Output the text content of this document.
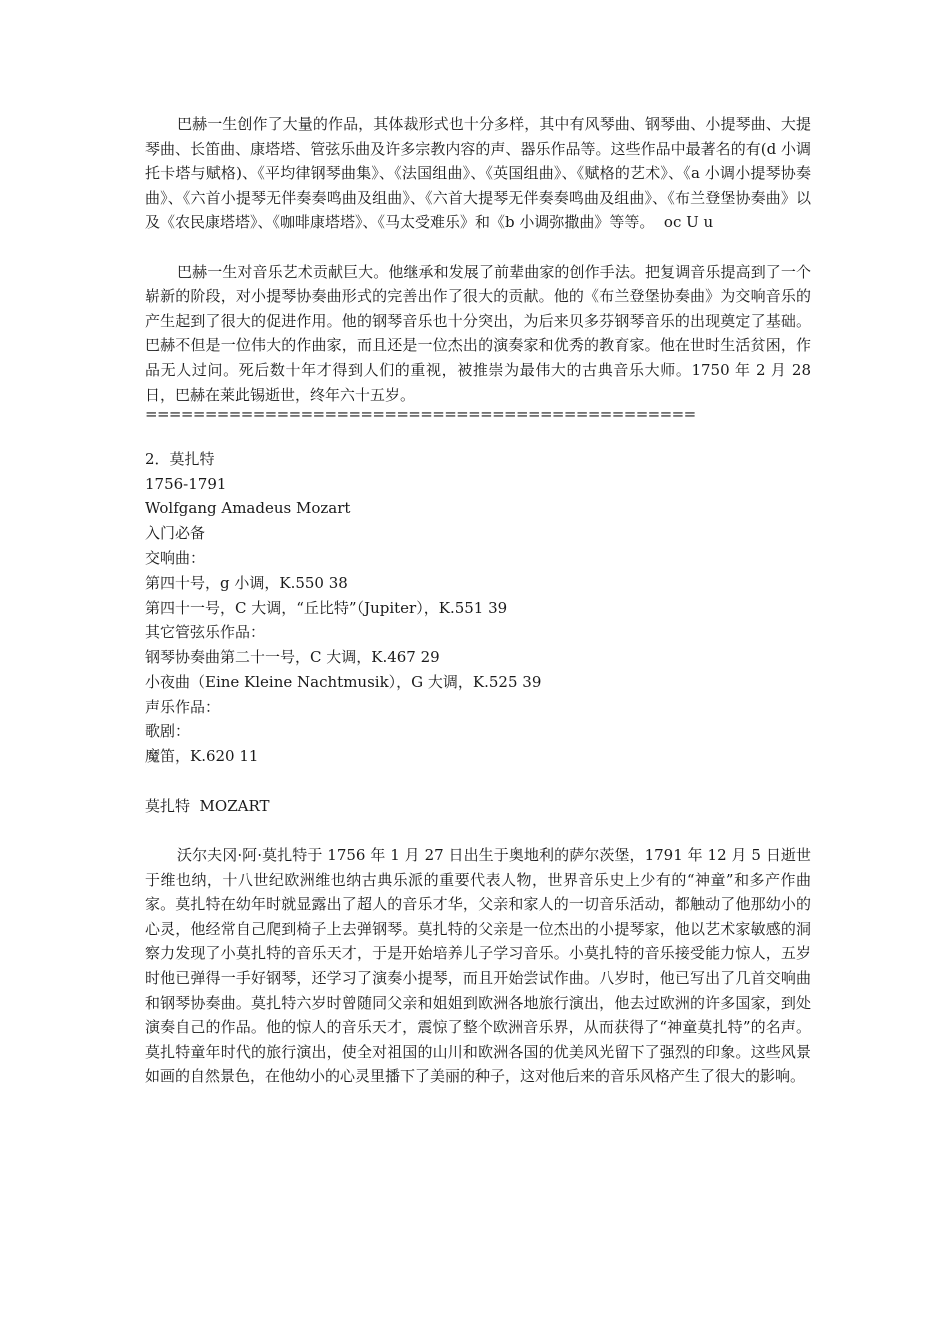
巴赫一生创作了大量的作品，其体裁形式也十分多样，其中有风琴曲、钢琴曲、小提琴曲、大提琴曲、长笛曲、康塔塔、管弦乐曲及许多宗教内容的声、器乐作品等。这些作品中最著名的有(d 小调托卡塔与赋格)、《平均律钢琴曲集》、《法国组曲》、《英国组曲》、《赋格的艺术》、《a 小调小提琴协奏曲》、《六首小提琴无伴奏奏鸣曲及组曲》、《六首大提琴无伴奏奏鸣曲及组曲》、《布兰登堡协奏曲》以及《农民康塔塔》、《咖啡康塔塔》、《马太受难乐》和《b 小调弥撒曲》等等。  oc U u

巴赫一生对音乐艺术贡献巨大。他继承和发展了前辈曲家的创作手法。把复调音乐提高到了一个崭新的阶段，对小提琴协奏曲形式的完善出作了很大的贡献。他的《布兰登堡协奏曲》为交响音乐的产生起到了很大的促进作用。他的钢琴音乐也十分突出，为后来贝多芬钢琴音乐的出现奠定了基础。巴赫不但是一位伟大的作曲家，而且还是一位杰出的演奏家和优秀的教育家。他在世时生活贫困，作品无人过问。死后数十年才得到人们的重视，被推崇为最伟大的古典音乐大师。1750 年 2 月 28 日，巴赫在莱此锡逝世，终年六十五岁。

==============================================

2．莫扎特

1756-1791

Wolfgang Amadeus Mozart

入门必备

交响曲：

第四十号，g 小调，K.550 38

第四十一号，C 大调，“丘比特”（Jupiter），K.551 39

其它管弦乐作品：

钢琴协奏曲第二十一号，C 大调，K.467 29

小夜曲（Eine Kleine Nachtmusik），G 大调，K.525 39

声乐作品：

歌剧：

魔笛，K.620 11

莫扎特  MOZART

沃尔夫冈·阿·莫扎特于 1756 年 1 月 27 日出生于奥地利的萨尔茨堡，1791 年 12 月 5 日逝世于维也纳，十八世纪欧洲维也纳古典乐派的重要代表人物，世界音乐史上少有的“神童”和多产作曲家。莫扎特在幼年时就显露出了超人的音乐才华，父亲和家人的一切音乐活动，都触动了他那幼小的心灵，他经常自己爬到椅子上去弹钢琴。莫扎特的父亲是一位杰出的小提琴家，他以艺术家敏感的洞察力发现了小莫扎特的音乐天才，于是开始培养儿子学习音乐。小莫扎特的音乐接受能力惊人，五岁时他已弹得一手好钢琴，还学习了演奏小提琴，而且开始尝试作曲。八岁时，他已写出了几首交响曲和钢琴协奏曲。莫扎特六岁时曾随同父亲和姐姐到欧洲各地旅行演出，他去过欧洲的许多国家，到处演奏自己的作品。他的惊人的音乐天才，震惊了整个欧洲音乐界，从而获得了“神童莫扎特”的名声。莫扎特童年时代的旅行演出，使全对祖国的山川和欧洲各国的优美风光留下了强烈的印象。这些风景如画的自然景色，在他幼小的心灵里播下了美丽的种子，这对他后来的音乐风格产生了很大的影响。
